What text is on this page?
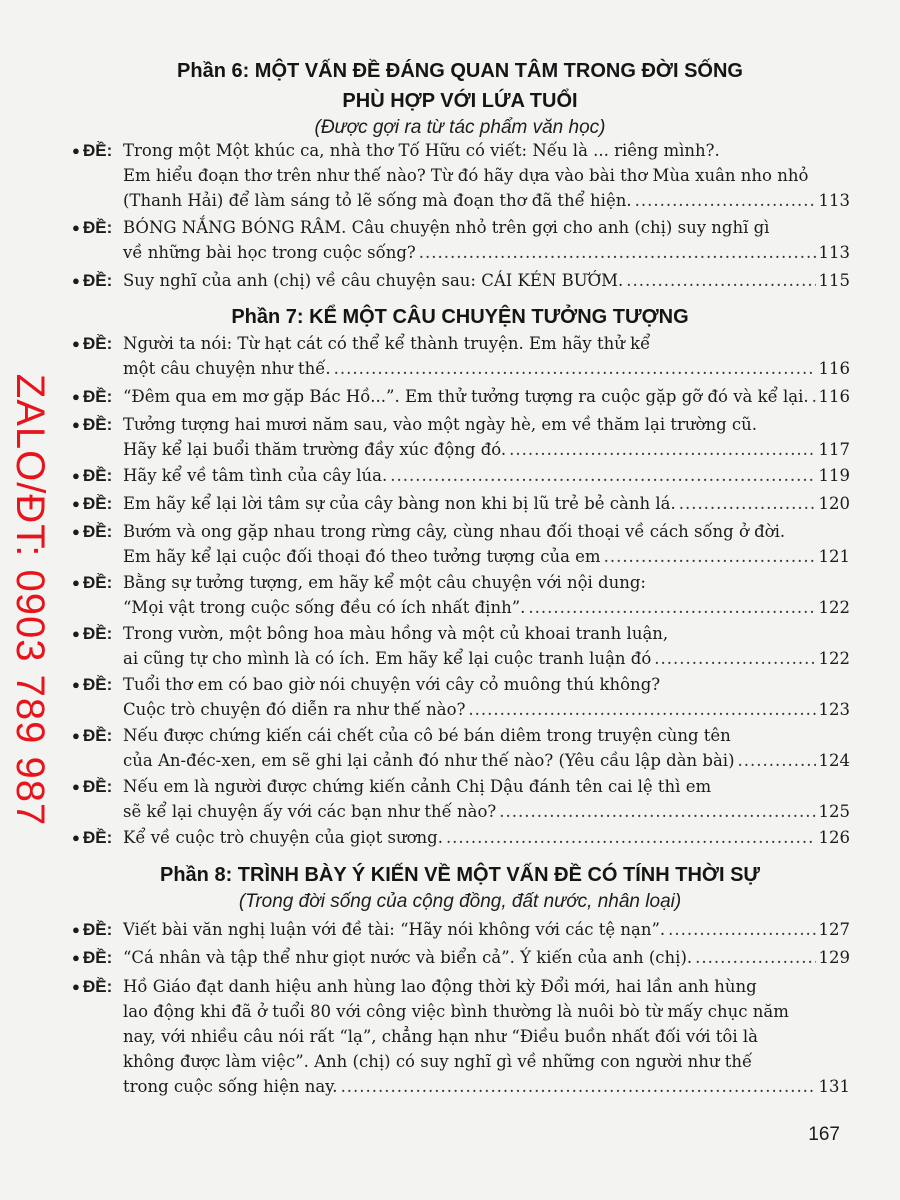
ZALO/ĐT: 0903 789 987
Phần 6: MỘT VẤN ĐỀ ĐÁNG QUAN TÂM TRONG ĐỜI SỐNG
PHÙ HỢP VỚI LỨA TUỔI
(Được gợi ra từ tác phẩm văn học)
● ĐỀ: Trong một Một khúc ca, nhà thơ Tố Hữu có viết: Nếu là ... riêng mình?.
Em hiểu đoạn thơ trên như thế nào? Từ đó hãy dựa vào bài thơ Mùa xuân nho nhỏ
(Thanh Hải) để làm sáng tỏ lẽ sống mà đoạn thơ đã thể hiện. .....	113
● ĐỀ: BÓNG NẮNG BÓNG RÂM. Câu chuyện nhỏ trên gợi cho anh (chị) suy nghĩ gì
về những bài học trong cuộc sống? .....	113
● ĐỀ: Suy nghĩ của anh (chị) về câu chuyện sau: CÁI KÉN BƯỚM. .....	115
Phần 7: KỂ MỘT CÂU CHUYỆN TƯỞNG TƯỢNG
● ĐỀ: Người ta nói: Từ hạt cát có thể kể thành truyện. Em hãy thử kể
một câu chuyện như thế. .....	116
● ĐỀ: “Đêm qua em mơ gặp Bác Hồ...”. Em thử tưởng tượng ra cuộc gặp gỡ đó và kể lại. ..... 116
● ĐỀ: Tưởng tượng hai mươi năm sau, vào một ngày hè, em về thăm lại trường cũ.
Hãy kể lại buổi thăm trường đầy xúc động đó. .....	117
● ĐỀ: Hãy kể về tâm tình của cây lúa. .....	119
● ĐỀ: Em hãy kể lại lời tâm sự của cây bàng non khi bị lũ trẻ bẻ cành lá. .....	120
● ĐỀ: Bướm và ong gặp nhau trong rừng cây, cùng nhau đối thoại về cách sống ở đời.
Em hãy kể lại cuộc đối thoại đó theo tưởng tượng của em .....	121
● ĐỀ: Bằng sự tưởng tượng, em hãy kể một câu chuyện với nội dung:
“Mọi vật trong cuộc sống đều có ích nhất định”. .....	122
● ĐỀ: Trong vườn, một bông hoa màu hồng và một củ khoai tranh luận,
ai cũng tự cho mình là có ích. Em hãy kể lại cuộc tranh luận đó .....	122
● ĐỀ: Tuổi thơ em có bao giờ nói chuyện với cây cỏ muông thú không?
Cuộc trò chuyện đó diễn ra như thế nào? .....	123
● ĐỀ: Nếu được chứng kiến cái chết của cô bé bán diêm trong truyện cùng tên
của An-đéc-xen, em sẽ ghi lại cảnh đó như thế nào? (Yêu cầu lập dàn bài) .....	124
● ĐỀ: Nếu em là người được chứng kiến cảnh Chị Dậu đánh tên cai lệ thì em
sẽ kể lại chuyện ấy với các bạn như thế nào? .....	125
● ĐỀ: Kể về cuộc trò chuyện của giọt sương. .....	126
Phần 8: TRÌNH BÀY Ý KIẾN VỀ MỘT VẤN ĐỀ CÓ TÍNH THỜI SỰ
(Trong đời sống của cộng đồng, đất nước, nhân loại)
● ĐỀ: Viết bài văn nghị luận với đề tài: “Hãy nói không với các tệ nạn”. .....	127
● ĐỀ: “Cá nhân và tập thể như giọt nước và biển cả”. Ý kiến của anh (chị). .....	129
● ĐỀ: Hồ Giáo đạt danh hiệu anh hùng lao động thời kỳ Đổi mới, hai lần anh hùng
lao động khi đã ở tuổi 80 với công việc bình thường là nuôi bò từ mấy chục năm
nay, với nhiều câu nói rất “lạ”, chẳng hạn như “Điều buồn nhất đối với tôi là
không được làm việc”. Anh (chị) có suy nghĩ gì về những con người như thế
trong cuộc sống hiện nay. .....	131
167
